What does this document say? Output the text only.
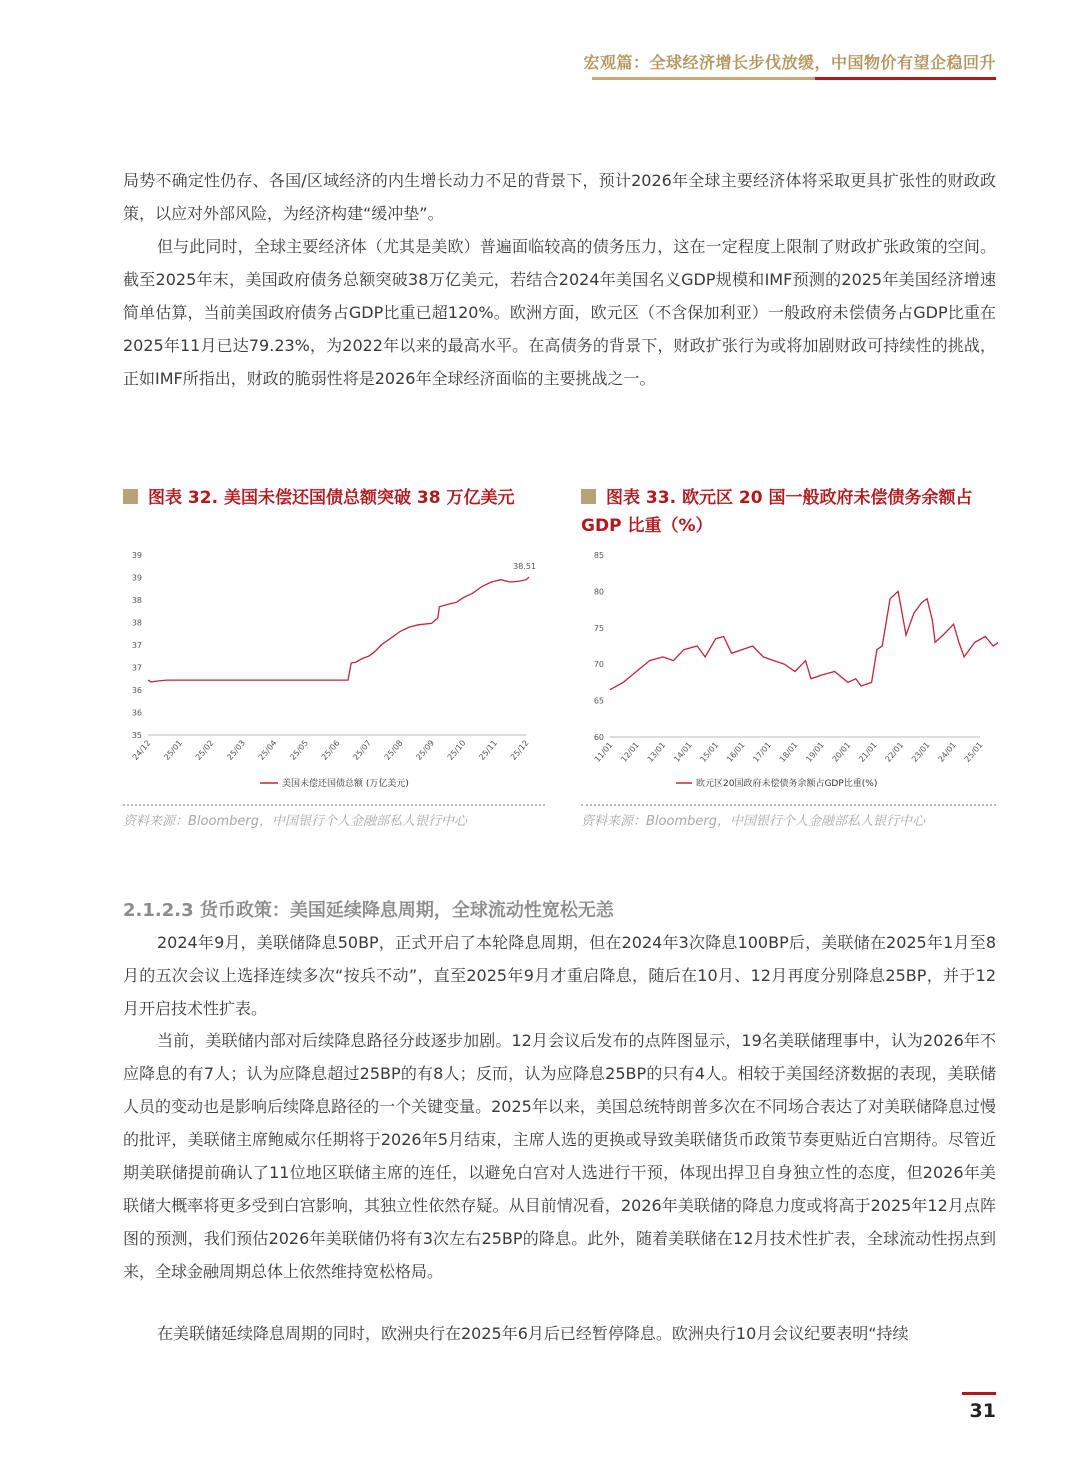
宏观篇：全球经济增长步伐放缓，中国物价有望企稳回升

局势不确定性仍存、各国/区域经济的内生增长动力不足的背景下，预计2026年全球主要经济体将采取更具扩张性的财政政策，以应对外部风险，为经济构建“缓冲垫”。

但与此同时，全球主要经济体（尤其是美欧）普遍面临较高的债务压力，这在一定程度上限制了财政扩张政策的空间。截至2025年末，美国政府债务总额突破38万亿美元，若结合2024年美国名义GDP规模和IMF预测的2025年美国经济增速简单估算，当前美国政府债务占GDP比重已超120%。欧洲方面，欧元区（不含保加利亚）一般政府未偿债务占GDP比重在2025年11月已达79.23%，为2022年以来的最高水平。在高债务的背景下，财政扩张行为或将加剧财政可持续性的挑战，正如IMF所指出，财政的脆弱性将是2026年全球经济面临的主要挑战之一。

图表 32. 美国未偿还国债总额突破 38 万亿美元	图表 33. 欧元区 20 国一般政府未偿债务余额占
GDP 比重（%）
35
36
36
37
37
38
38
39
39
24/12 25/01 25/02 25/03 25/04 25/05 25/06 25/07 25/08 25/09 25/10 25/11 25/12
38.51
美国未偿还国债总额 (万亿美元)
60
65
70
75
80
85
11/01 12/01 13/01 14/01 15/01 16/01 17/01 18/01 19/01 20/01 21/01 22/01 23/01 24/01 25/01
欧元区20国政府未偿债务余额占GDP比重(%)
资料来源：Bloomberg，中国银行个人金融部私人银行中心	资料来源：Bloomberg，中国银行个人金融部私人银行中心
2.1.2.3 货币政策：美国延续降息周期，全球流动性宽松无恙

2024年9月，美联储降息50BP，正式开启了本轮降息周期，但在2024年3次降息100BP后，美联储在2025年1月至8月的五次会议上选择连续多次“按兵不动”，直至2025年9月才重启降息，随后在10月、12月再度分别降息25BP，并于12月开启技术性扩表。

当前，美联储内部对后续降息路径分歧逐步加剧。12月会议后发布的点阵图显示，19名美联储理事中，认为2026年不应降息的有7人；认为应降息超过25BP的有8人；反而，认为应降息25BP的只有4人。相较于美国经济数据的表现，美联储人员的变动也是影响后续降息路径的一个关键变量。2025年以来，美国总统特朗普多次在不同场合表达了对美联储降息过慢的批评，美联储主席鲍威尔任期将于2026年5月结束，主席人选的更换或导致美联储货币政策节奏更贴近白宫期待。尽管近期美联储提前确认了11位地区联储主席的连任，以避免白宫对人选进行干预，体现出捍卫自身独立性的态度，但2026年美联储大概率将更多受到白宫影响，其独立性依然存疑。从目前情况看，2026年美联储的降息力度或将高于2025年12月点阵图的预测，我们预估2026年美联储仍将有3次左右25BP的降息。此外，随着美联储在12月技术性扩表，全球流动性拐点到来，全球金融周期总体上依然维持宽松格局。

在美联储延续降息周期的同时，欧洲央行在2025年6月后已经暂停降息。欧洲央行10月会议纪要表明“持续

31
